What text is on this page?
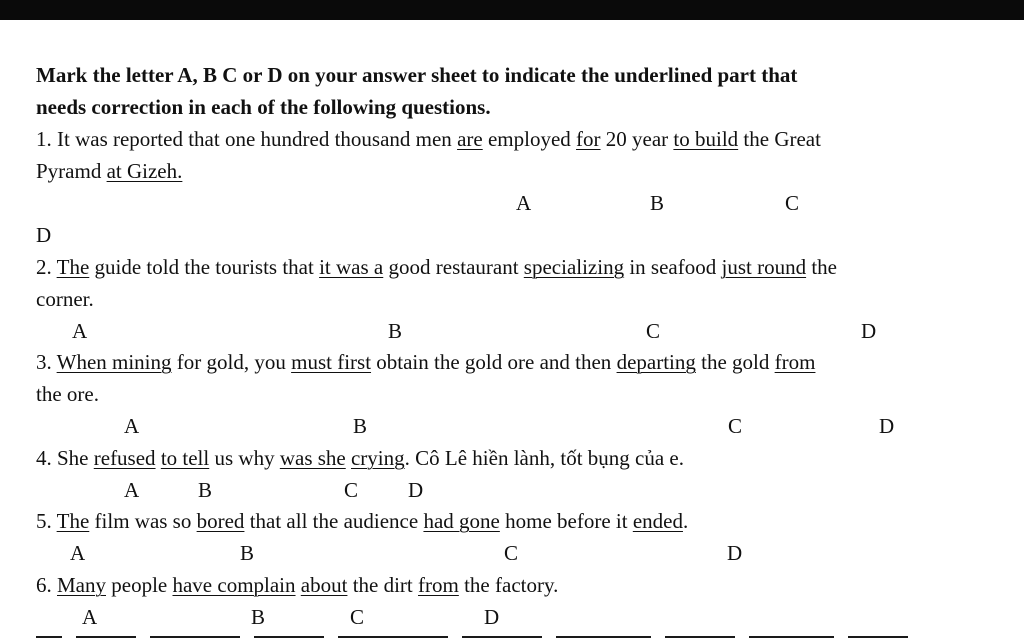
Mark the letter A, B C or D on your answer sheet to indicate the underlined part that
needs correction in each of the following questions.
1. It was reported that one hundred thousand men are employed for 20 year to build the Great
Pyramd at Gizeh.
A	B	C
D
2. The guide told the tourists that it was a good restaurant specializing in seafood just round the
corner.
A	B	C	D
3. When mining for gold, you must first obtain the gold ore and then departing the gold from
the ore.
A	B	C	D
4. She refused to tell us why was she crying. Cô Lê hiền lành, tốt bụng của e.
A	B	C D
5. The film was so bored that all the audience had gone home before it ended.
A	B	C	D
6. Many people have complain about the dirt from the factory.
A	B	C	D
